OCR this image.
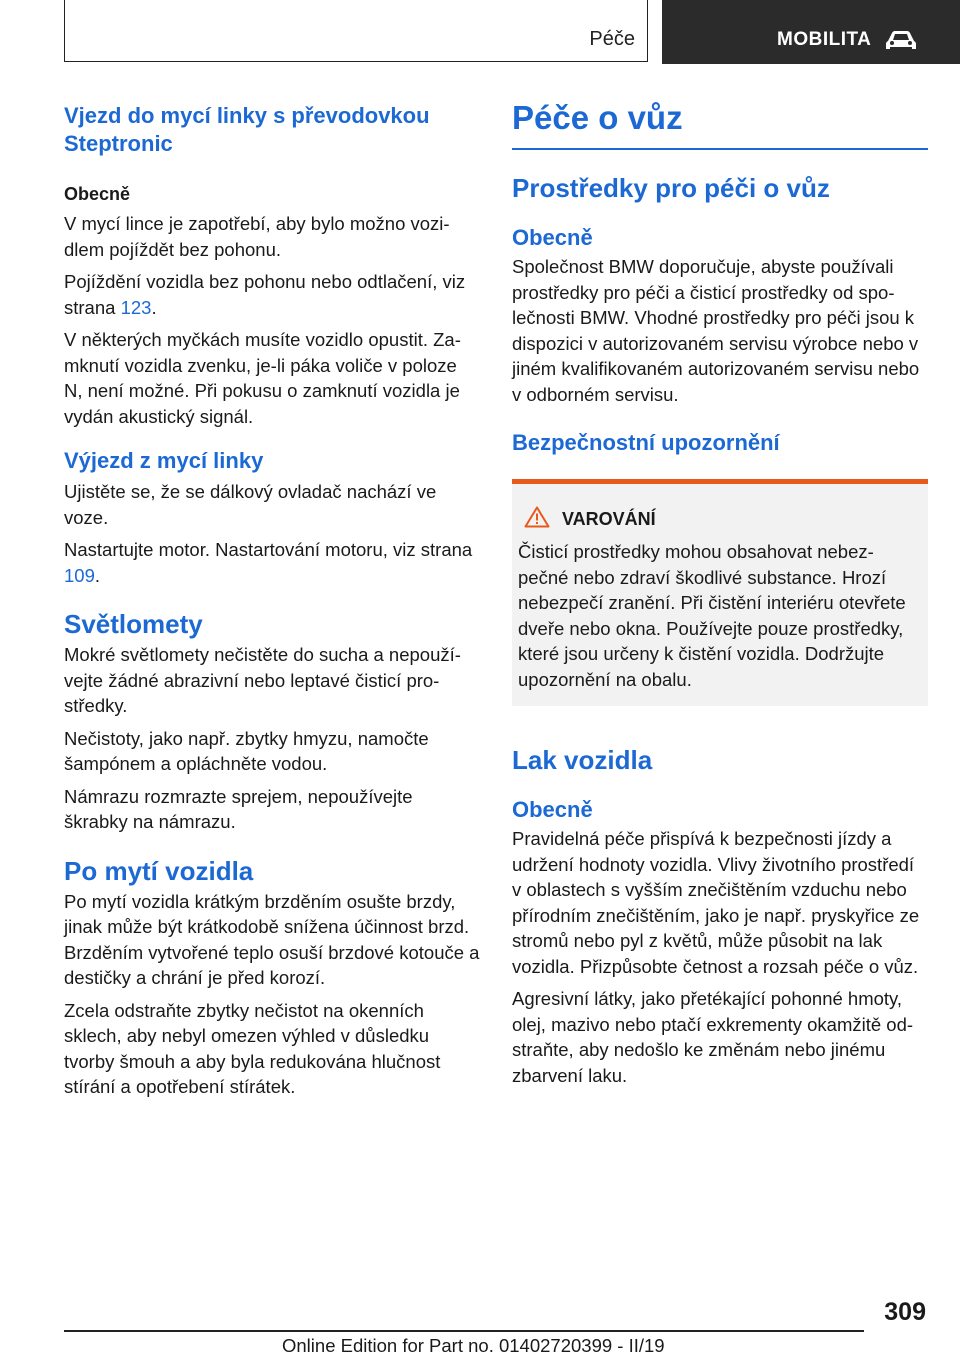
Péče	MOBILITA
Vjezd do mycí linky s převodovkou Steptronic
Obecně

V mycí lince je zapotřebí, aby bylo možno vozi-dlem pojíždět bez pohonu.

Pojíždění vozidla bez pohonu nebo odtlačení, viz strana 123.

V některých myčkách musíte vozidlo opustit. Za-mknutí vozidla zvenku, je-li páka voliče v poloze N, není možné. Při pokusu o zamknutí vozidla je vydán akustický signál.

Výjezd z mycí linky

Ujistěte se, že se dálkový ovladač nachází ve voze.

Nastartujte motor. Nastartování motoru, viz strana 109.

Světlomety

Mokré světlomety nečistěte do sucha a nepouží-vejte žádné abrazivní nebo leptavé čisticí pro-středky.

Nečistoty, jako např. zbytky hmyzu, namočte šampónem a opláchněte vodou.

Námrazu rozmrazte sprejem, nepoužívejte škrabky na námrazu.

Po mytí vozidla

Po mytí vozidla krátkým brzděním osušte brzdy, jinak může být krátkodobě snížena účinnost brzd. Brzděním vytvořené teplo osuší brzdové kotouče a destičky a chrání je před korozí.

Zcela odstraňte zbytky nečistot na okenních sklech, aby nebyl omezen výhled v důsledku tvorby šmouh a aby byla redukována hlučnost stírání a opotřebení stírátek.

Péče o vůz
Prostředky pro péči o vůz
Obecně

Společnost BMW doporučuje, abyste používali prostředky pro péči a čisticí prostředky od spo-lečnosti BMW. Vhodné prostředky pro péči jsou k dispozici v autorizovaném servisu výrobce nebo v jiném kvalifikovaném autorizovaném servisu nebo v odborném servisu.

Bezpečnostní upozornění
VAROVÁNÍ

Čisticí prostředky mohou obsahovat nebez-pečné nebo zdraví škodlivé substance. Hrozí nebezpečí zranění. Při čistění interiéru otevřete dveře nebo okna. Používejte pouze prostředky, které jsou určeny k čistění vozidla. Dodržujte upozornění na obalu.

Lak vozidla
Obecně

Pravidelná péče přispívá k bezpečnosti jízdy a udržení hodnoty vozidla. Vlivy životního prostředí v oblastech s vyšším znečištěním vzduchu nebo přírodním znečištěním, jako je např. pryskyřice ze stromů nebo pyl z květů, může působit na lak vozidla. Přizpůsobte četnost a rozsah péče o vůz.

Agresivní látky, jako přetékající pohonné hmoty, olej, mazivo nebo ptačí exkrementy okamžitě od-straňte, aby nedošlo ke změnám nebo jinému zbarvení laku.

309
Online Edition for Part no. 01402720399 - II/19
